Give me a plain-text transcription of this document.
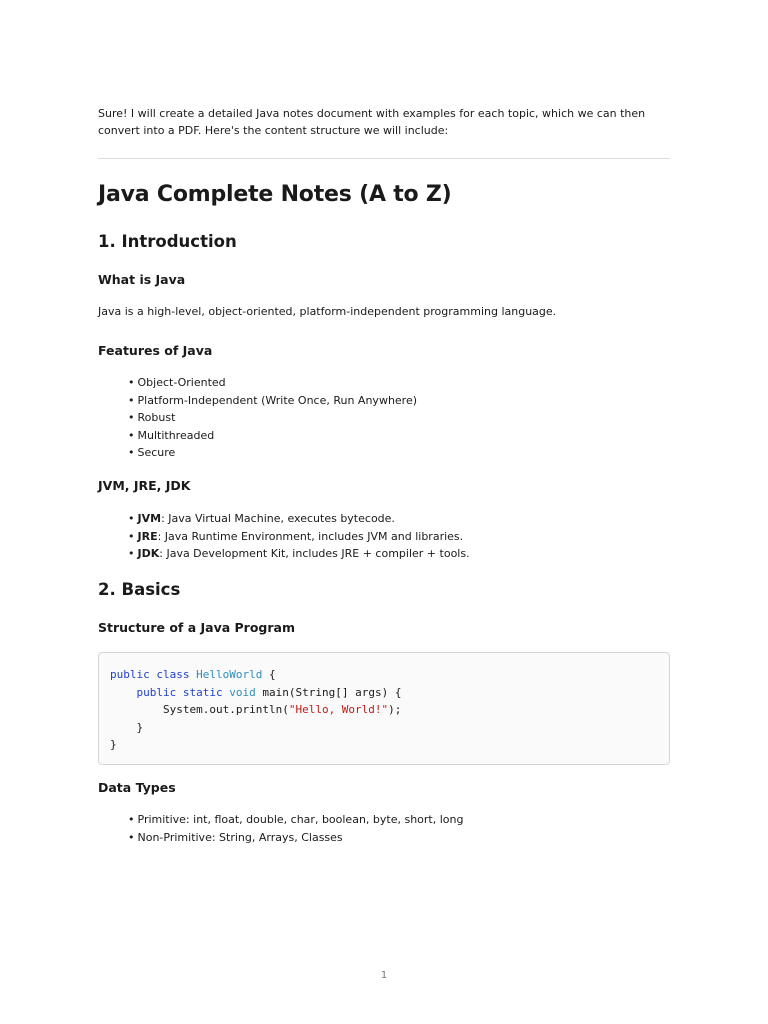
Sure! I will create a detailed Java notes document with examples for each topic, which we can then convert into a PDF. Here's the content structure we will include:

Java Complete Notes (A to Z)
1. Introduction
What is Java

Java is a high-level, object-oriented, platform-independent programming language.

Features of Java
• Object-Oriented
• Platform-Independent (Write Once, Run Anywhere)
• Robust
• Multithreaded
• Secure
JVM, JRE, JDK
• JVM: Java Virtual Machine, executes bytecode.
• JRE: Java Runtime Environment, includes JVM and libraries.
• JDK: Java Development Kit, includes JRE + compiler + tools.
2. Basics
Structure of a Java Program
public class HelloWorld {
public static void main(String[] args) {
System.out.println("Hello, World!");
}
}
Data Types
• Primitive: int, float, double, char, boolean, byte, short, long
• Non-Primitive: String, Arrays, Classes
1
